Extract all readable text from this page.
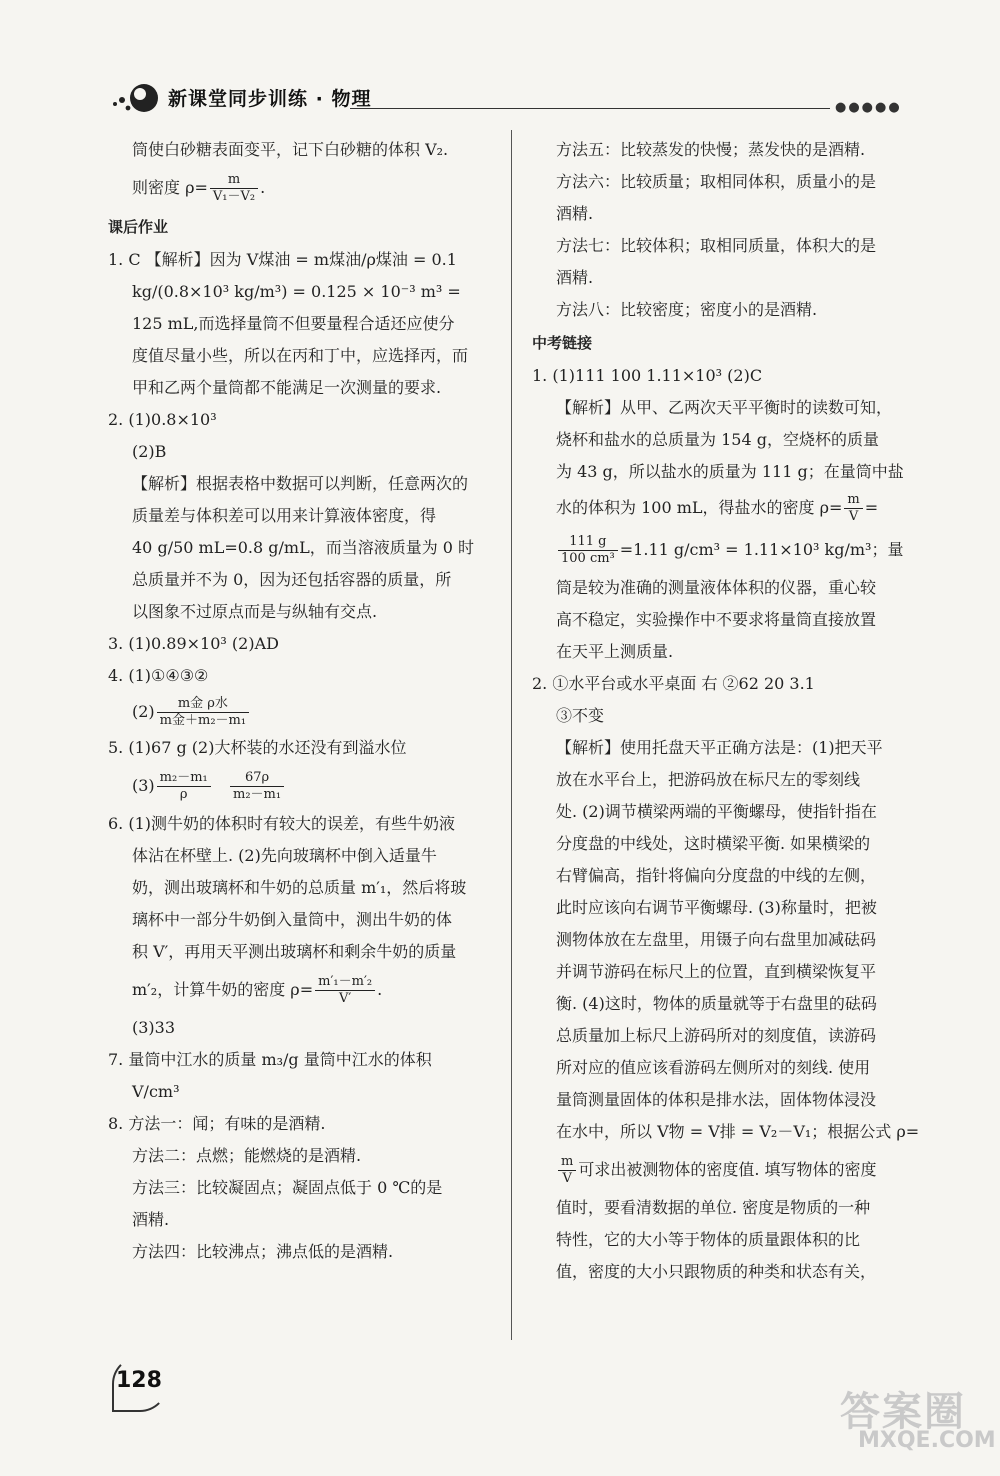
新课堂同步训练 · 物理	●●●●●
筒使白砂糖表面变平，记下白砂糖的体积 V₂.
则密度 $\rho= \frac{m}{\text{V₁－V₂}}$ .
课后作业
1. C 【解析】因为 V煤油 = m煤油/ρ煤油 = 0.1
kg/(0.8×10³ kg/m³) = 0.125 × 10⁻³ m³ =
125 mL,而选择量筒不但要量程合适还应使分
度值尽量小些，所以在丙和丁中，应选择丙，而
甲和乙两个量筒都不能满足一次测量的要求.
2. (1)0.8×10³
(2)B
【解析】根据表格中数据可以判断，任意两次的
质量差与体积差可以用来计算液体密度，得
40 g/50 mL=0.8 g/mL，而当溶液质量为 0 时
总质量并不为 0，因为还包括容器的质量，所
以图象不过原点而是与纵轴有交点.
3. (1)0.89×10³ (2)AD
4. (1)①④③②
$(2) \frac{\text{m金 ρ水}}{\text{m金＋m₂－m₁}}$
5. (1)67 g (2)大杯装的水还没有到溢水位
$(3) \frac{\text{m₂－m₁}}{\rho}$
$\frac{67\rho}{\text{m₂－m₁}}$
6. (1)测牛奶的体积时有较大的误差，有些牛奶液
体沾在杯壁上. (2)先向玻璃杯中倒入适量牛
奶，测出玻璃杯和牛奶的总质量 m′₁，然后将玻
璃杯中一部分牛奶倒入量筒中，测出牛奶的体
积 V′，再用天平测出玻璃杯和剩余牛奶的质量
m′₂，计算牛奶的密度 $\rho= \frac{\text{m′₁－m′₂}}{V'}$ .
(3)33
7. 量筒中江水的质量 m₃/g 量筒中江水的体积
V/cm³
8. 方法一：闻；有味的是酒精.
方法二：点燃；能燃烧的是酒精.
方法三：比较凝固点；凝固点低于 0 ℃的是
酒精.
方法四：比较沸点；沸点低的是酒精.
方法五：比较蒸发的快慢；蒸发快的是酒精.
方法六：比较质量；取相同体积，质量小的是
酒精.
方法七：比较体积；取相同质量，体积大的是
酒精.
方法八：比较密度；密度小的是酒精.
中考链接
1. (1)111 100 1.11×10³ (2)C
【解析】从甲、乙两次天平平衡时的读数可知，
烧杯和盐水的总质量为 154 g，空烧杯的质量
为 43 g，所以盐水的质量为 111 g；在量筒中盐
水的体积为 100 mL，得盐水的密度 $\rho= \frac{m}{V}$ =
$\frac{111 g}{\text{100 cm³}} =1.11$ g/cm³ = 1.11×10³ kg/m³；量
筒是较为准确的测量液体体积的仪器，重心较
高不稳定，实验操作中不要求将量筒直接放置
在天平上测质量.
2. ①水平台或水平桌面 右 ②62 20 3.1
③不变
【解析】使用托盘天平正确方法是：(1)把天平
放在水平台上，把游码放在标尺左的零刻线
处. (2)调节横梁两端的平衡螺母，使指针指在
分度盘的中线处，这时横梁平衡. 如果横梁的
右臂偏高，指针将偏向分度盘的中线的左侧，
此时应该向右调节平衡螺母. (3)称量时，把被
测物体放在左盘里，用镊子向右盘里加减砝码
并调节游码在标尺上的位置，直到横梁恢复平
衡. (4)这时，物体的质量就等于右盘里的砝码
总质量加上标尺上游码所对的刻度值，读游码
所对应的值应该看游码左侧所对的刻线. 使用
量筒测量固体的体积是排水法，固体物体浸没
在水中，所以 V物 = V排 = V₂－V₁；根据公式 ρ=
$\frac{m}{V}$ 可求出被测物体的密度值. 填写物体的密度
值时，要看清数据的单位. 密度是物质的一种
特性，它的大小等于物体的质量跟体积的比
值，密度的大小只跟物质的种类和状态有关，
128
答案圈
MXQE.COM
